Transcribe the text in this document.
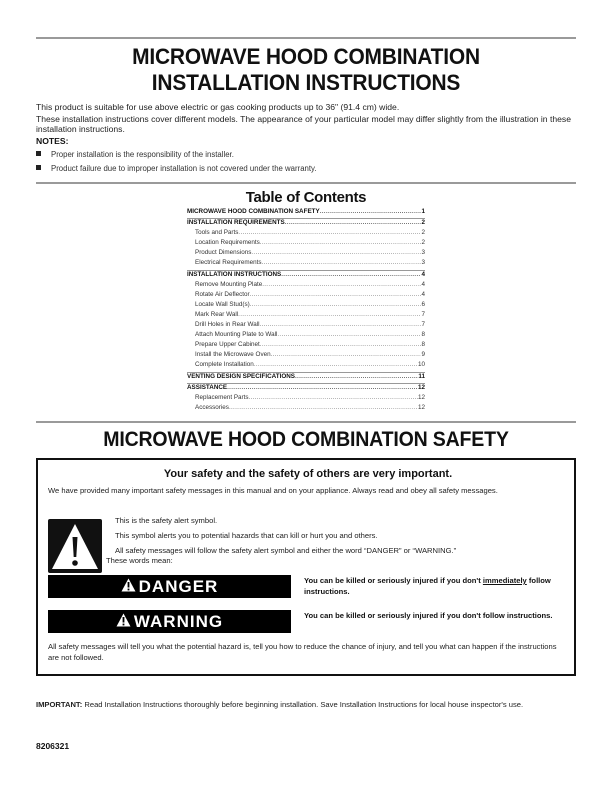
MICROWAVE HOOD COMBINATION
INSTALLATION INSTRUCTIONS
This product is suitable for use above electric or gas cooking products up to 36" (91.4 cm) wide.
These installation instructions cover different models. The appearance of your particular model may differ slightly from the illustration in these installation instructions.
NOTES:
Proper installation is the responsibility of the installer.
Product failure due to improper installation is not covered under the warranty.
Table of Contents
MICROWAVE HOOD COMBINATION SAFETY .....	1
INSTALLATION REQUIREMENTS .....	2
Tools and Parts .....	2
Location Requirements .....	2
Product Dimensions .....	3
Electrical Requirements .....	3
INSTALLATION INSTRUCTIONS .....	4
Remove Mounting Plate .....	4
Rotate Air Deflector .....	4
Locate Wall Stud(s) .....	6
Mark Rear Wall .....	7
Drill Holes in Rear Wall .....	7
Attach Mounting Plate to Wall .....	8
Prepare Upper Cabinet .....	8
Install the Microwave Oven .....	9
Complete Installation .....	10
VENTING DESIGN SPECIFICATIONS .....	11
ASSISTANCE .....	12
Replacement Parts .....	12
Accessories .....	12
MICROWAVE HOOD COMBINATION SAFETY
Your safety and the safety of others are very important.
We have provided many important safety messages in this manual and on your appliance. Always read and obey all safety messages.
This is the safety alert symbol.
This symbol alerts you to potential hazards that can kill or hurt you and others.
All safety messages will follow the safety alert symbol and either the word “DANGER” or “WARNING.”
These words mean:
DANGER	You can be killed or seriously injured if you don't immediately follow instructions.
WARNING	You can be killed or seriously injured if you don't follow instructions.
All safety messages will tell you what the potential hazard is, tell you how to reduce the chance of injury, and tell you what can happen if the instructions are not followed.
IMPORTANT: Read Installation Instructions thoroughly before beginning installation. Save Installation Instructions for local house inspector's use.
8206321
